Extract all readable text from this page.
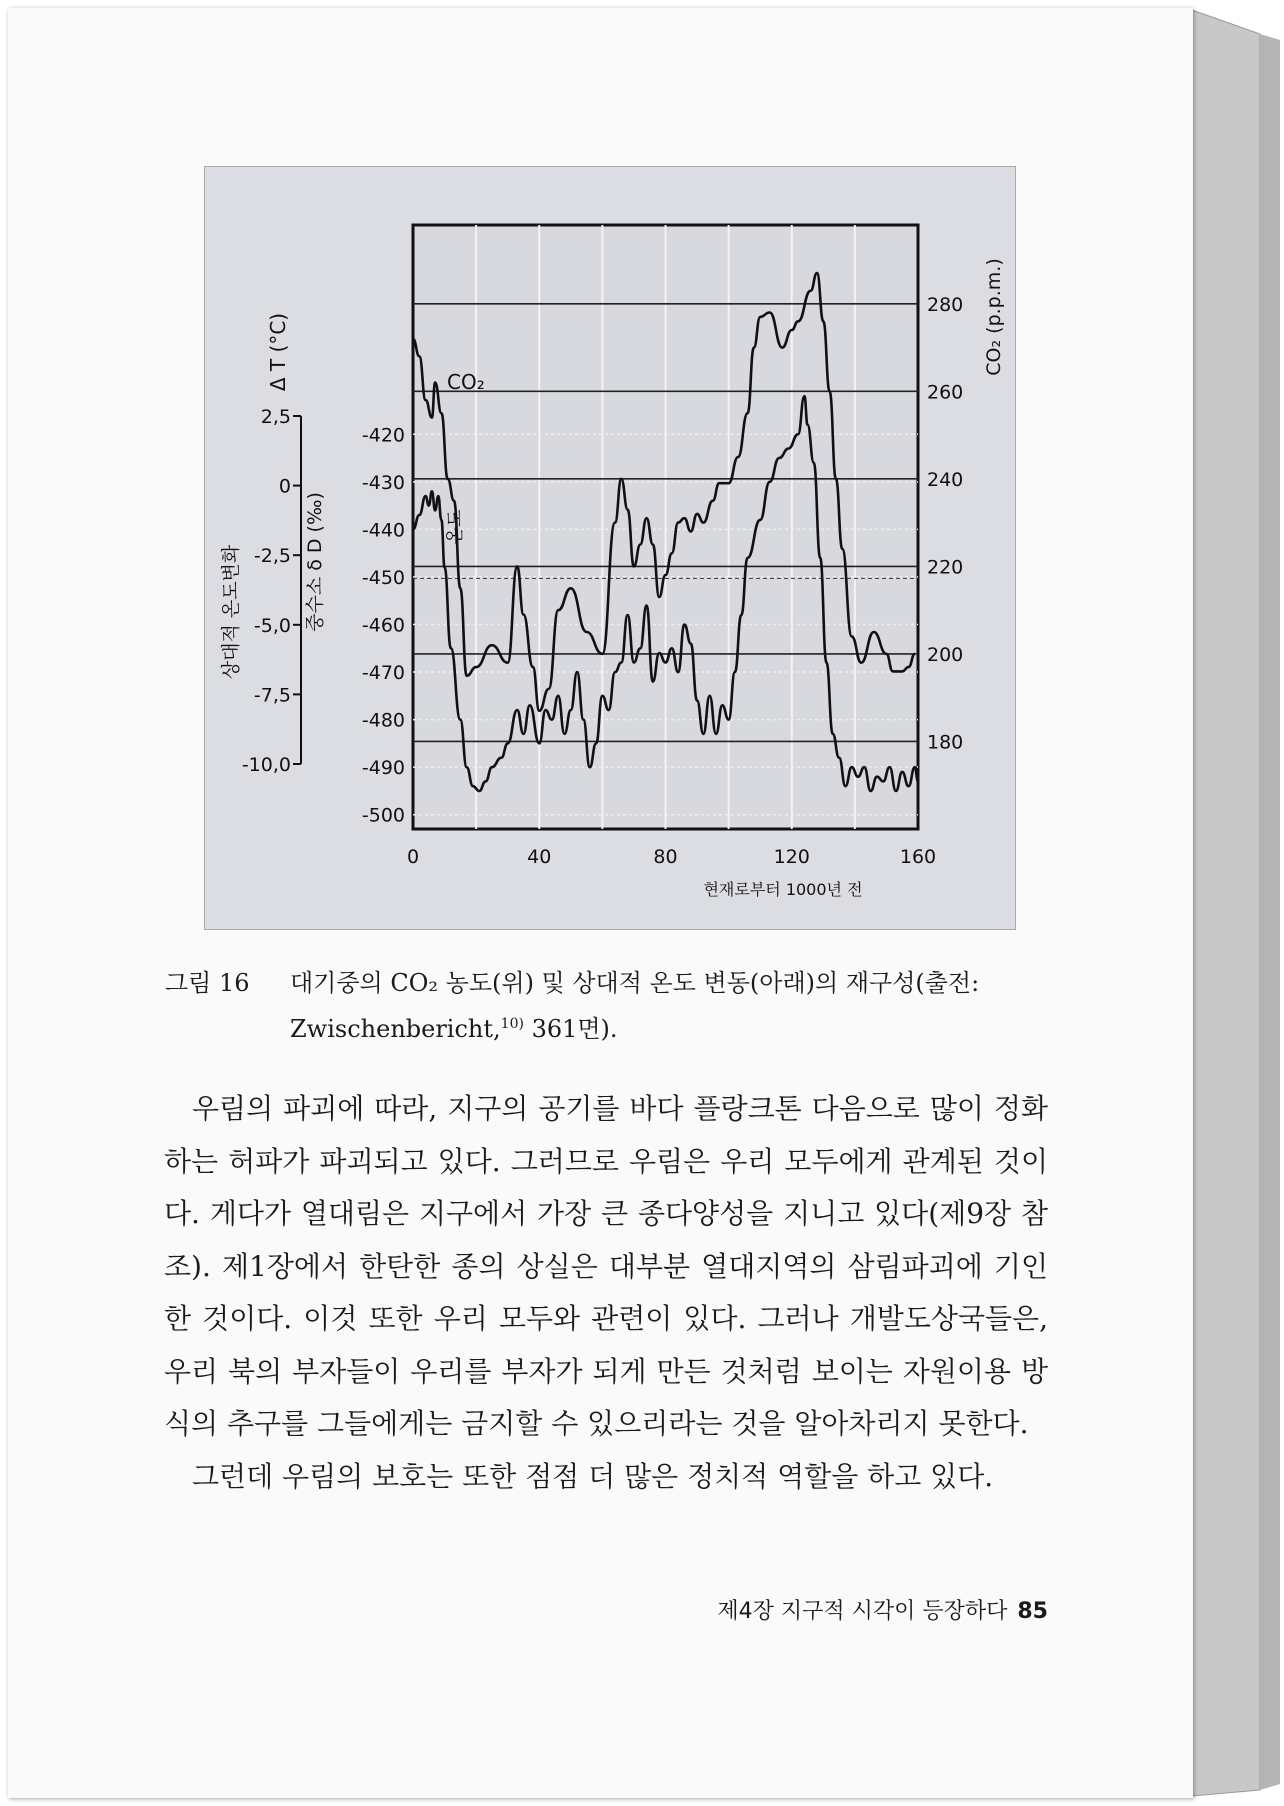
0	40	80	120	160
현재로부터 1000년 전
-420
-430
-440
-450
-460
-470
-480
-490
-500
중수소 δ D (‰)
280
260
240
220
200
180
CO₂ (p.p.m.)
2,5
0
-2,5
-5,0
-7,5
-10,0
Δ T (°C)
상대적 온도변화
CO₂
온도
그림 16 대기중의 CO₂ 농도(위) 및 상대적 온도 변동(아래)의 재구성(출전:
Zwischenbericht,$^{10)}$ 361면).

우림의 파괴에 따라, 지구의 공기를 바다 플랑크톤 다음으로 많이 정화하는 허파가 파괴되고 있다. 그러므로 우림은 우리 모두에게 관계된 것이다. 게다가 열대림은 지구에서 가장 큰 종다양성을 지니고 있다(제9장 참조). 제1장에서 한탄한 종의 상실은 대부분 열대지역의 삼림파괴에 기인한 것이다. 이것 또한 우리 모두와 관련이 있다. 그러나 개발도상국들은, 우리 북의 부자들이 우리를 부자가 되게 만든 것처럼 보이는 자원이용 방식의 추구를 그들에게는 금지할 수 있으리라는 것을 알아차리지 못한다.

그런데 우림의 보호는 또한 점점 더 많은 정치적 역할을 하고 있다.

제4장 지구적 시각이 등장하다 85
